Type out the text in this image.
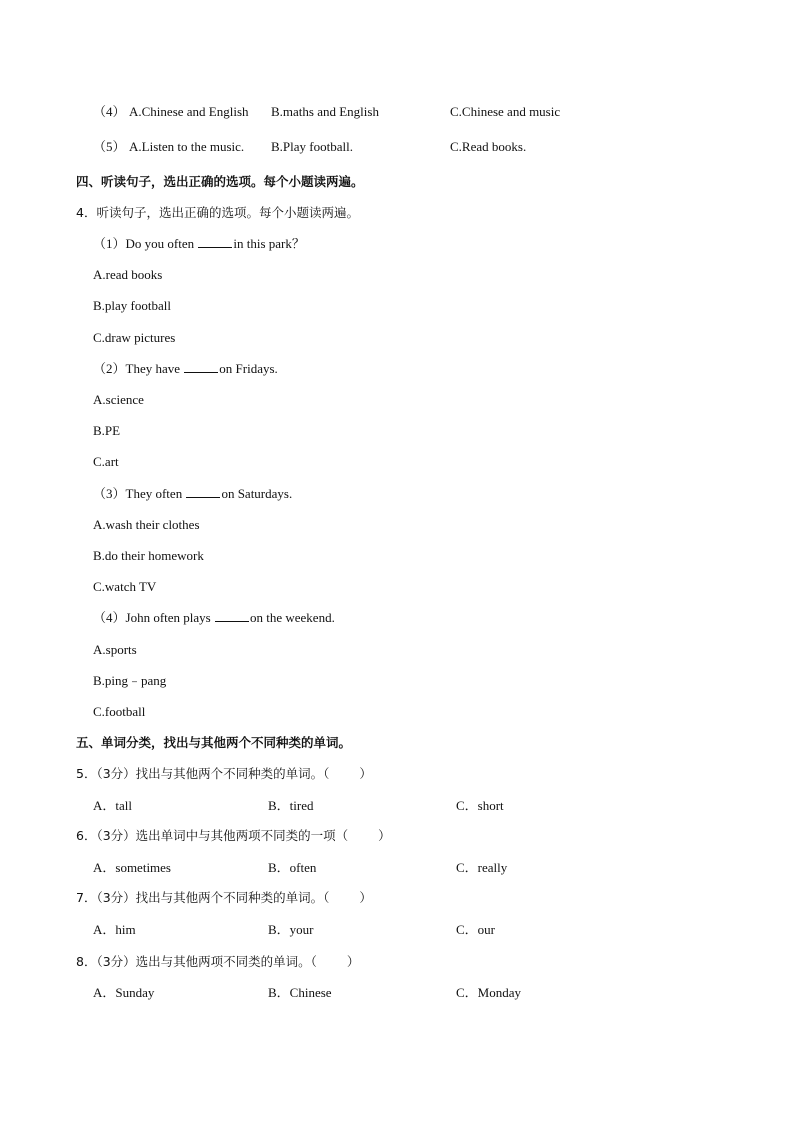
（4） A.Chinese and English B.maths and English	C.Chinese and music
（5） A.Listen to the music. B.Play football.	C.Read books.
四、听读句子，选出正确的选项。每个小题读两遍。
4．听读句子，选出正确的选项。每个小题读两遍。
（1）Do you often	in this park？
A.read books
B.play football
C.draw pictures
（2）They have	on Fridays.
A.science
B.PE
C.art
（3）They often	on Saturdays.
A.wash their clothes
B.do their homework
C.watch TV
（4）John often plays	on the weekend.
A.sports
B.ping﹣pang
C.football
五、单词分类，找出与其他两个不同种类的单词。
5．（3分）找出与其他两个不同种类的单词。（ ）
A．tall	B．tired	C．short
6．（3分）选出单词中与其他两项不同类的一项（ ）
A．sometimes	B．often	C．really
7．（3分）找出与其他两个不同种类的单词。（ ）
A．him	B．your	C．our
8．（3分）选出与其他两项不同类的单词。（ ）
A．Sunday	B．Chinese	C．Monday
